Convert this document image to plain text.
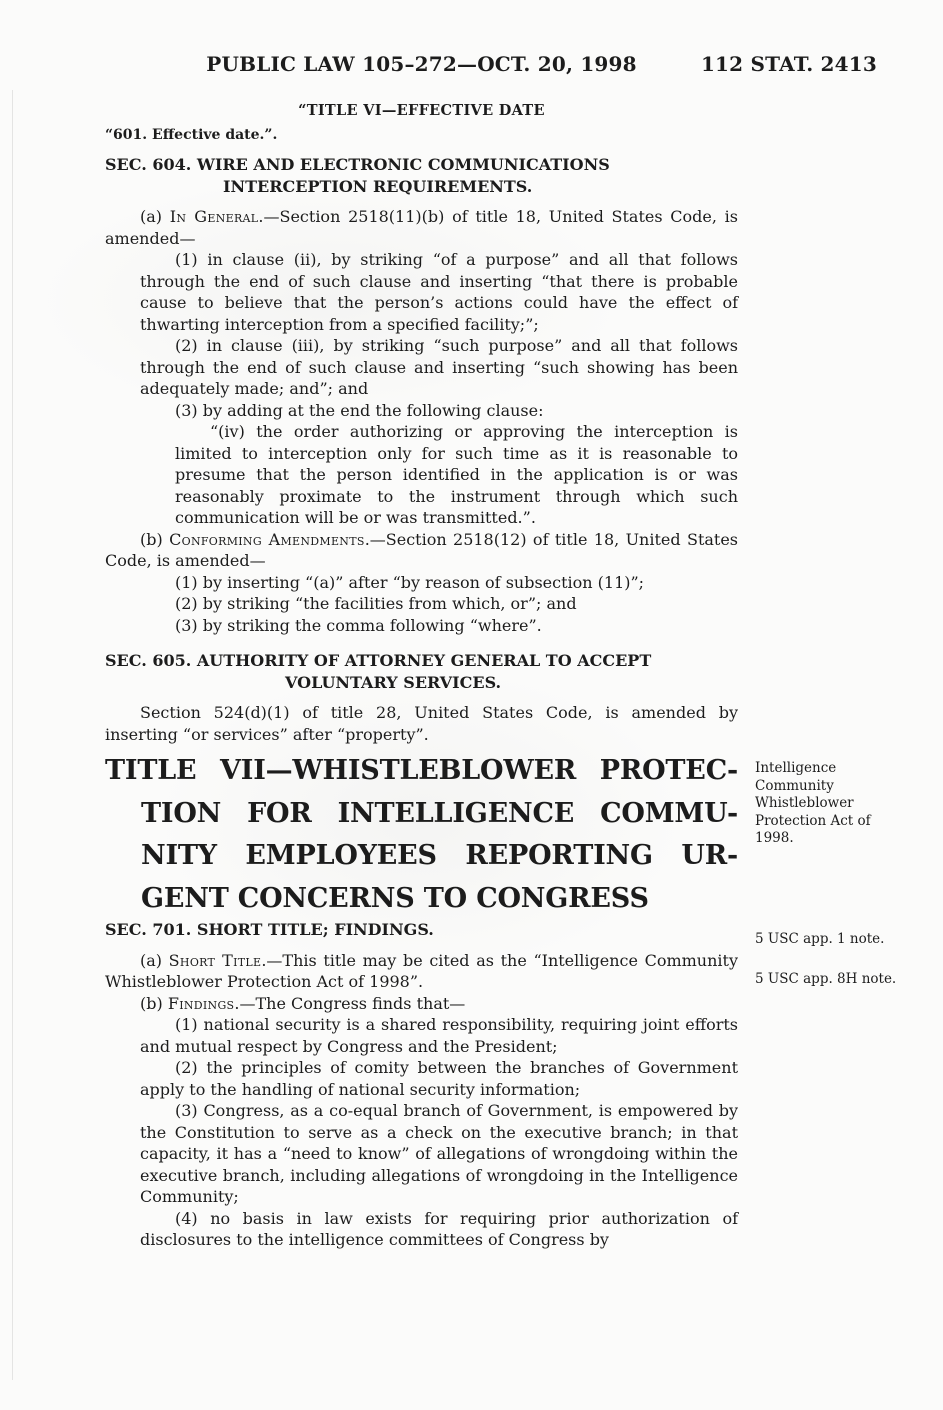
PUBLIC LAW 105–272—OCT. 20, 1998	112 STAT. 2413
“TITLE VI—EFFECTIVE DATE
“601. Effective date.”.
SEC. 604. WIRE AND ELECTRONIC COMMUNICATIONS INTERCEPTION REQUIREMENTS.

(a) In General.—Section 2518(11)(b) of title 18, United States Code, is amended—

(1) in clause (ii), by striking “of a purpose” and all that follows through the end of such clause and inserting “that there is probable cause to believe that the person’s actions could have the effect of thwarting interception from a specified facility;”;

(2) in clause (iii), by striking “such purpose” and all that follows through the end of such clause and inserting “such showing has been adequately made; and”; and

(3) by adding at the end the following clause:

“(iv) the order authorizing or approving the interception is limited to interception only for such time as it is reasonable to presume that the person identified in the application is or was reasonably proximate to the instrument through which such communication will be or was transmitted.”.

(b) Conforming Amendments.—Section 2518(12) of title 18, United States Code, is amended—

(1) by inserting “(a)” after “by reason of subsection (11)”;

(2) by striking “the facilities from which, or”; and

(3) by striking the comma following “where”.

SEC. 605. AUTHORITY OF ATTORNEY GENERAL TO ACCEPT VOLUNTARY SERVICES.

Section 524(d)(1) of title 28, United States Code, is amended by inserting “or services” after “property”.

TITLE VII—WHISTLEBLOWER PROTEC-
TION FOR INTELLIGENCE COMMU-
NITY EMPLOYEES REPORTING UR-
GENT CONCERNS TO CONGRESS
Intelligence Community Whistleblower Protection Act of 1998.
SEC. 701. SHORT TITLE; FINDINGS.

(a) Short Title.—This title may be cited as the “Intelligence Community Whistleblower Protection Act of 1998”.

(b) Findings.—The Congress finds that—

(1) national security is a shared responsibility, requiring joint efforts and mutual respect by Congress and the President;

(2) the principles of comity between the branches of Government apply to the handling of national security information;

(3) Congress, as a co-equal branch of Government, is empowered by the Constitution to serve as a check on the executive branch; in that capacity, it has a “need to know” of allegations of wrongdoing within the executive branch, including allegations of wrongdoing in the Intelligence Community;

(4) no basis in law exists for requiring prior authorization of disclosures to the intelligence committees of Congress by

5 USC app. 1 note.
5 USC app. 8H note.
